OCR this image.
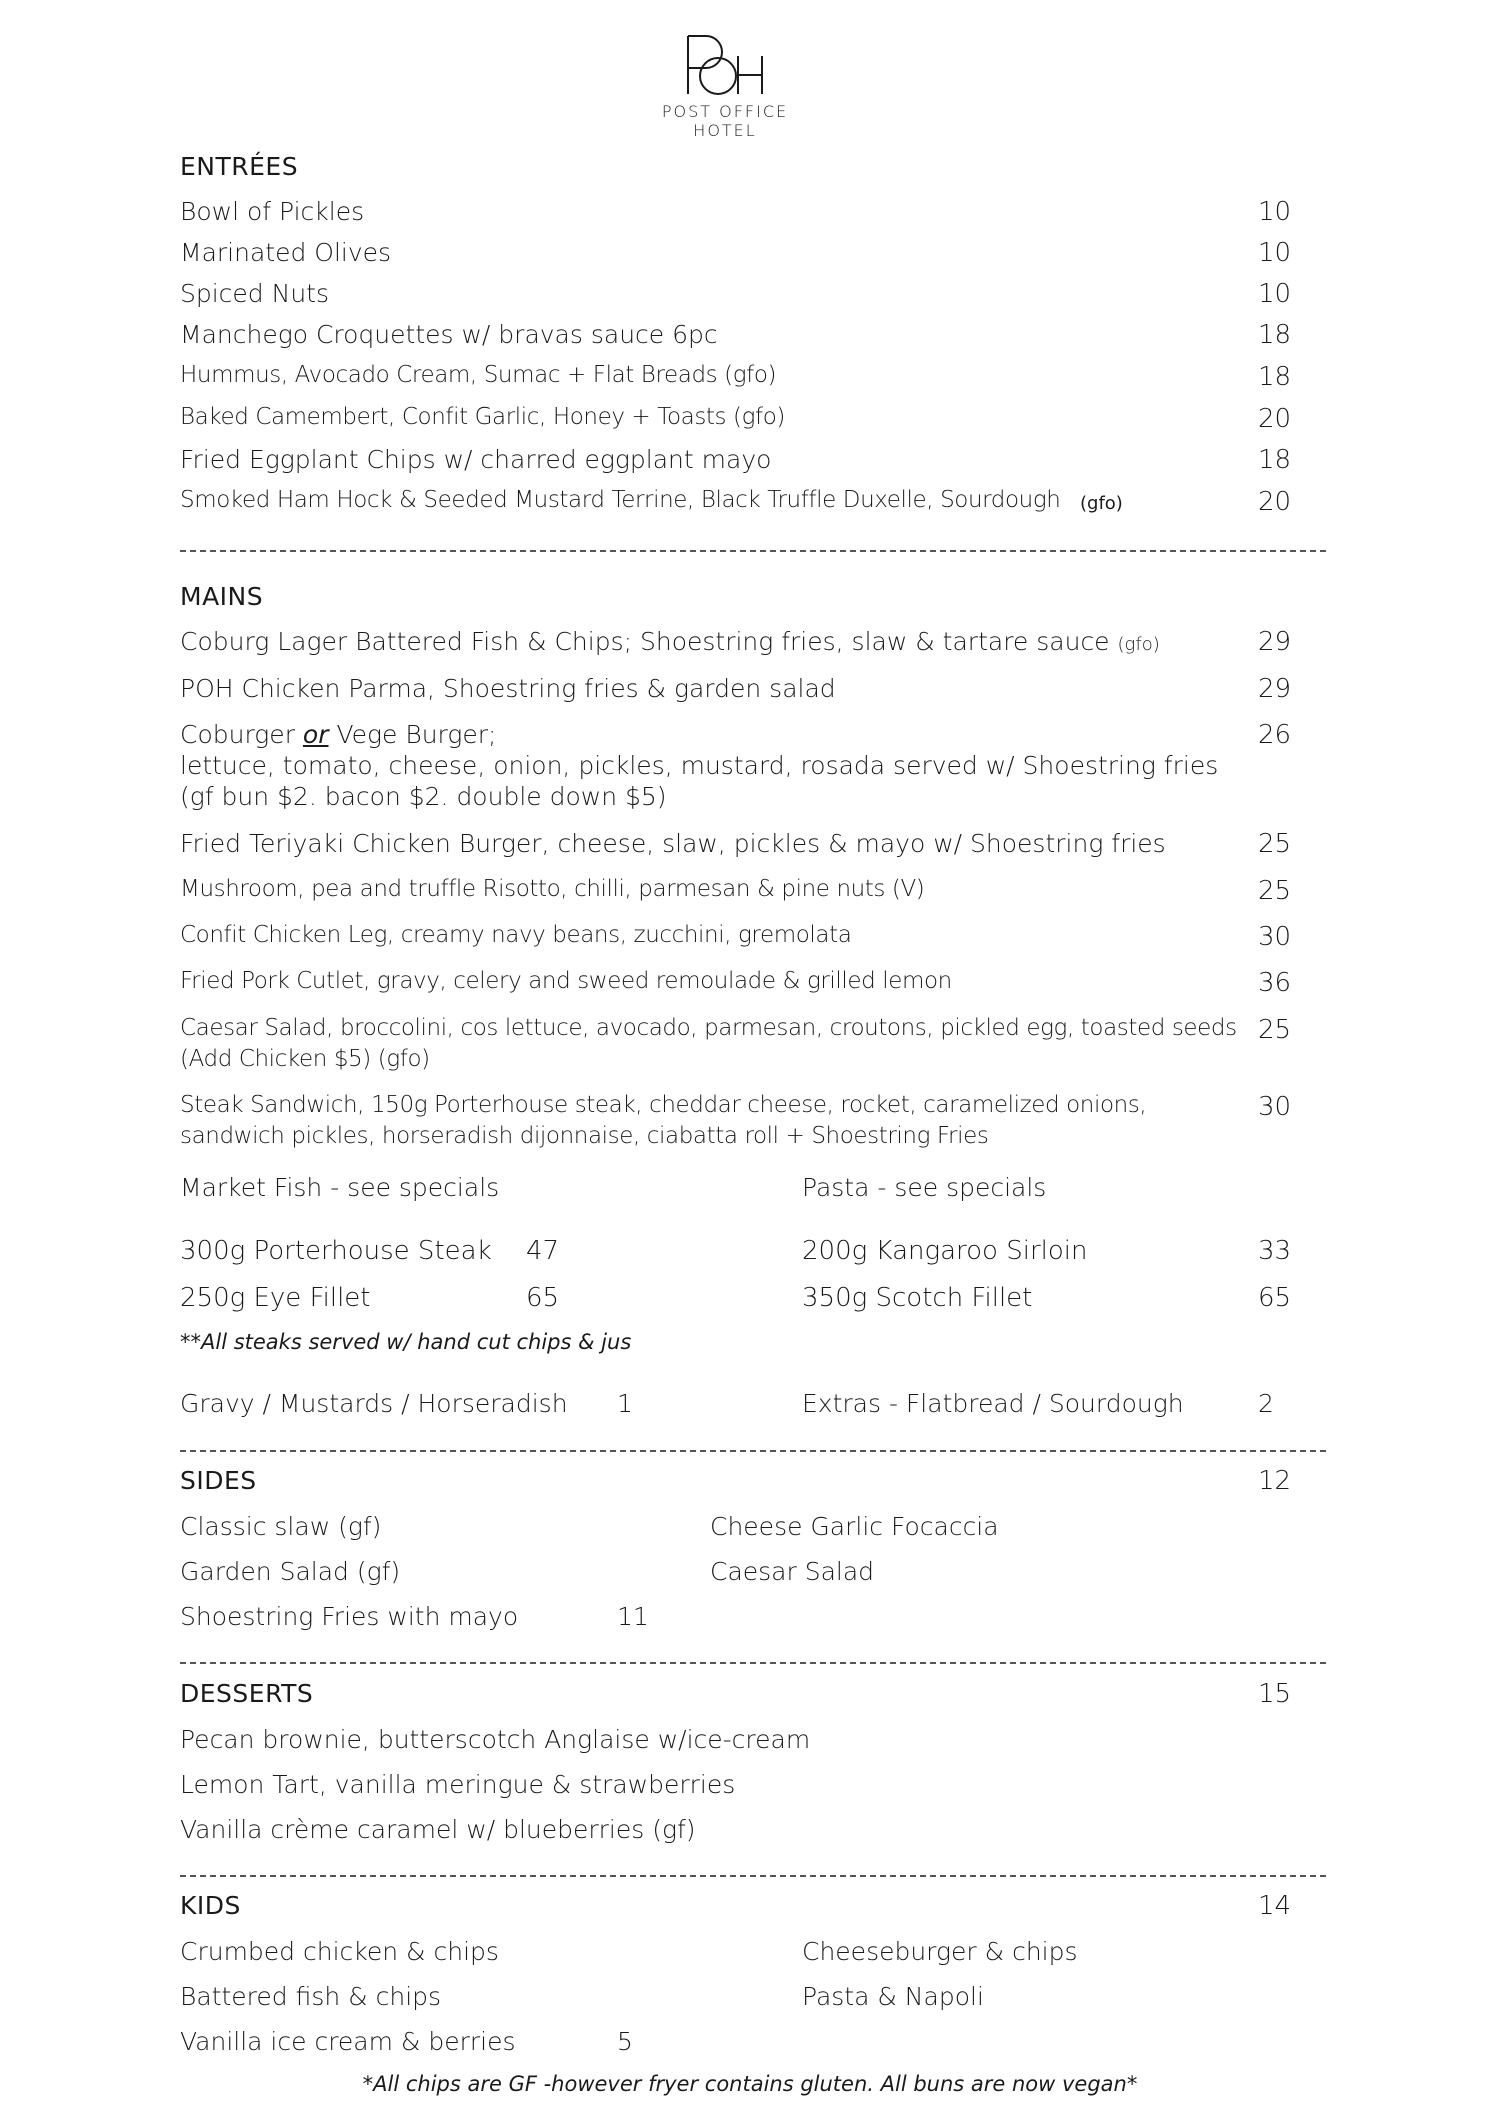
POST OFFICE HOTEL
ENTRÉES
Bowl of Pickles	10
Marinated Olives	10
Spiced Nuts	10
Manchego Croquettes w/ bravas sauce 6pc	18
Hummus, Avocado Cream, Sumac + Flat Breads (gfo)	18
Baked Camembert, Confit Garlic, Honey + Toasts (gfo)	20
Fried Eggplant Chips w/ charred eggplant mayo	18
Smoked Ham Hock & Seeded Mustard Terrine, Black Truffle Duxelle, Sourdough (gfo)	20
MAINS
Coburg Lager Battered Fish & Chips; Shoestring fries, slaw & tartare sauce (gfo)	29
POH Chicken Parma, Shoestring fries & garden salad	29
Coburger or Vege Burger;
lettuce, tomato, cheese, onion, pickles, mustard, rosada served w/ Shoestring fries
(gf bun $2. bacon $2. double down $5)
26
Fried Teriyaki Chicken Burger, cheese, slaw, pickles & mayo w/ Shoestring fries	25
Mushroom, pea and truffle Risotto, chilli, parmesan & pine nuts (V)	25
Confit Chicken Leg, creamy navy beans, zucchini, gremolata	30
Fried Pork Cutlet, gravy, celery and sweed remoulade & grilled lemon	36
Caesar Salad, broccolini, cos lettuce, avocado, parmesan, croutons, pickled egg, toasted seeds
(Add Chicken $5) (gfo)
25
Steak Sandwich, 150g Porterhouse steak, cheddar cheese, rocket, caramelized onions,
sandwich pickles, horseradish dijonnaise, ciabatta roll + Shoestring Fries
30
Market Fish - see specials	Pasta - see specials
300g Porterhouse Steak 47	200g Kangaroo Sirloin	33
250g Eye Fillet	65	350g Scotch Fillet	65
**All steaks served w/ hand cut chips & jus
Gravy / Mustards / Horseradish 1	Extras - Flatbread / Sourdough	2
SIDES	12
Classic slaw (gf)	Cheese Garlic Focaccia
Garden Salad (gf)	Caesar Salad
Shoestring Fries with mayo	11
DESSERTS	15
Pecan brownie, butterscotch Anglaise w/ice-cream
Lemon Tart, vanilla meringue & strawberries
Vanilla crème caramel w/ blueberries (gf)
KIDS	14
Crumbed chicken & chips	Cheeseburger & chips
Battered fish & chips	Pasta & Napoli
Vanilla ice cream & berries	5
*All chips are GF -however fryer contains gluten. All buns are now vegan*
